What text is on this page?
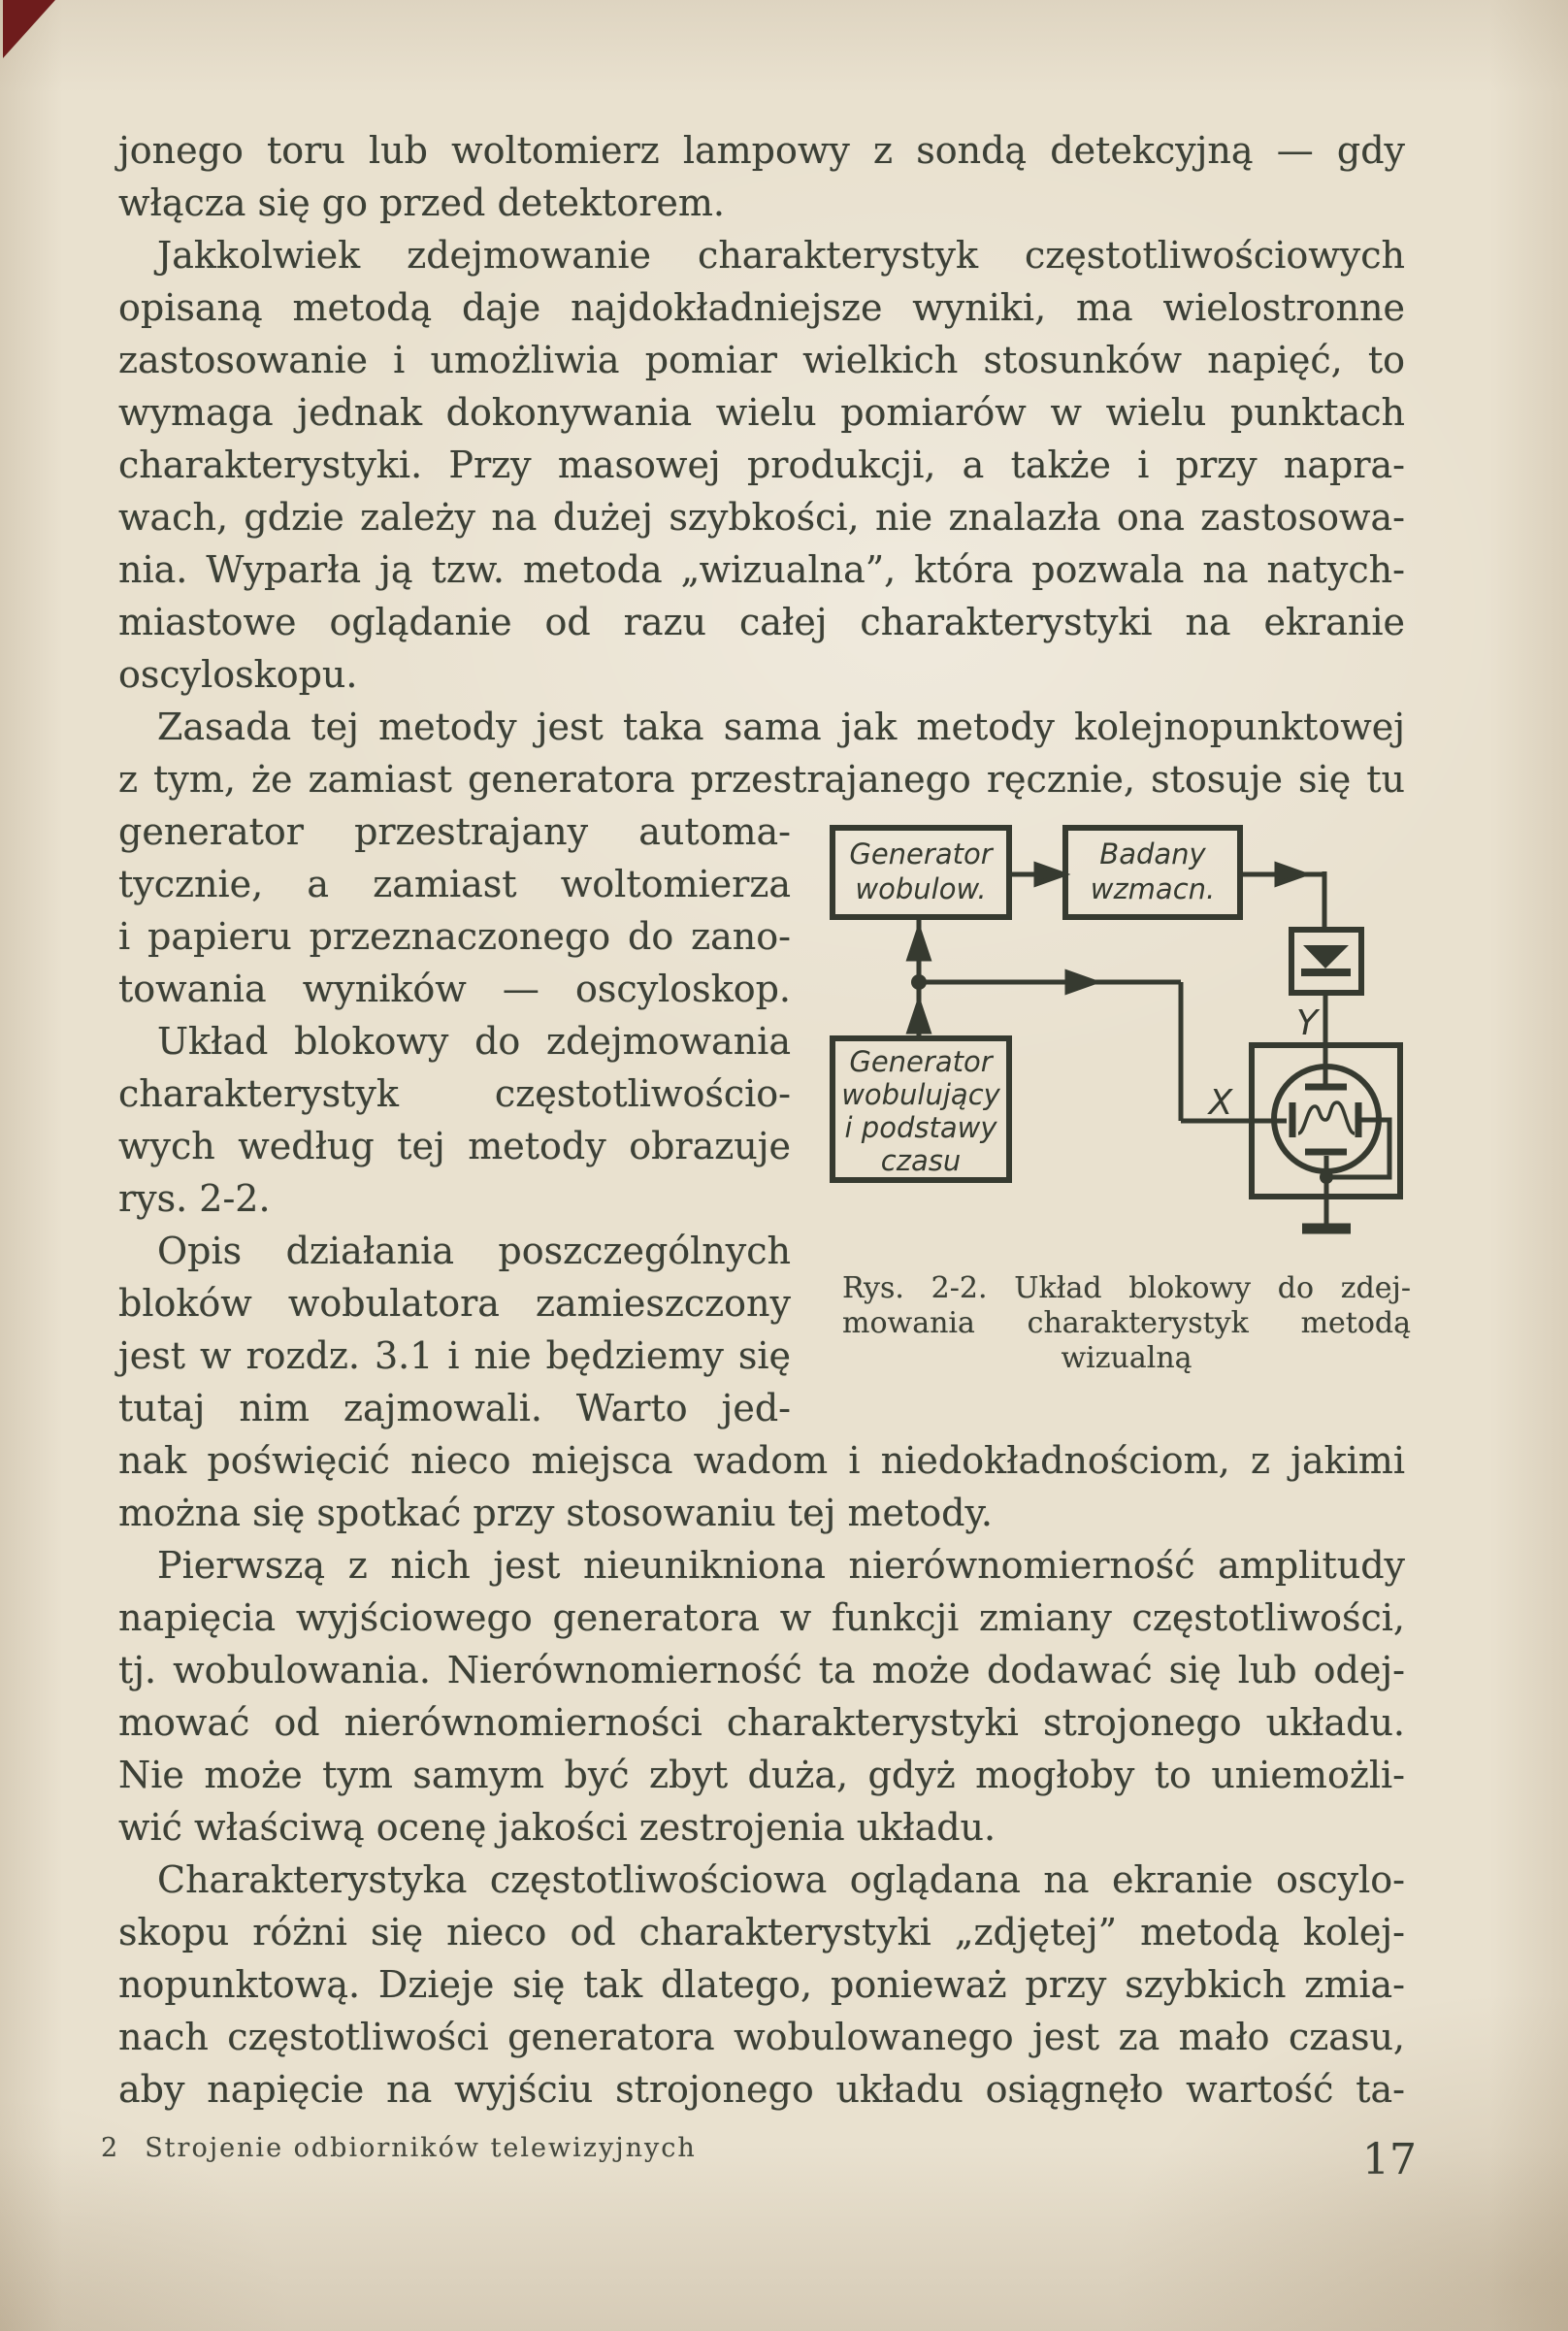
jonego toru lub woltomierz lampowy z sondą detekcyjną — gdy
włącza się go przed detektorem.
Jakkolwiek zdejmowanie charakterystyk częstotliwościowych
opisaną metodą daje najdokładniejsze wyniki, ma wielostronne
zastosowanie i umożliwia pomiar wielkich stosunków napięć, to
wymaga jednak dokonywania wielu pomiarów w wielu punktach
charakterystyki. Przy masowej produkcji, a także i przy napra-
wach, gdzie zależy na dużej szybkości, nie znalazła ona zastosowa-
nia. Wyparła ją tzw. metoda „wizualna”, która pozwala na natych-
miastowe oglądanie od razu całej charakterystyki na ekranie
oscyloskopu.
Zasada tej metody jest taka sama jak metody kolejnopunktowej
z tym, że zamiast generatora przestrajanego ręcznie, stosuje się tu
generator przestrajany automa-
tycznie, a zamiast woltomierza
i papieru przeznaczonego do zano-
towania wyników — oscyloskop.
Układ blokowy do zdejmowania
charakterystyk częstotliwościo-
wych według tej metody obrazuje
rys. 2-2.
Opis działania poszczególnych
bloków wobulatora zamieszczony
jest w rozdz. 3.1 i nie będziemy się
tutaj nim zajmowali. Warto jed-
nak poświęcić nieco miejsca wadom i niedokładnościom, z jakimi
można się spotkać przy stosowaniu tej metody.
Pierwszą z nich jest nieunikniona nierównomierność amplitudy
napięcia wyjściowego generatora w funkcji zmiany częstotliwości,
tj. wobulowania. Nierównomierność ta może dodawać się lub odej-
mować od nierównomierności charakterystyki strojonego układu.
Nie może tym samym być zbyt duża, gdyż mogłoby to uniemożli-
wić właściwą ocenę jakości zestrojenia układu.
Charakterystyka częstotliwościowa oglądana na ekranie oscylo-
skopu różni się nieco od charakterystyki „zdjętej” metodą kolej-
nopunktową. Dzieje się tak dlatego, ponieważ przy szybkich zmia-
nach częstotliwości generatora wobulowanego jest za mało czasu,
aby napięcie na wyjściu strojonego układu osiągnęło wartość ta-
Generator
wobulow.
Badany
wzmacn.
Generator
wobulujący
i podstawy
czasu
Y
X
Rys. 2-2. Układ blokowy do zdej-
mowania charakterystyk metodą
wizualną
2 Strojenie odbiorników telewizyjnych	17
